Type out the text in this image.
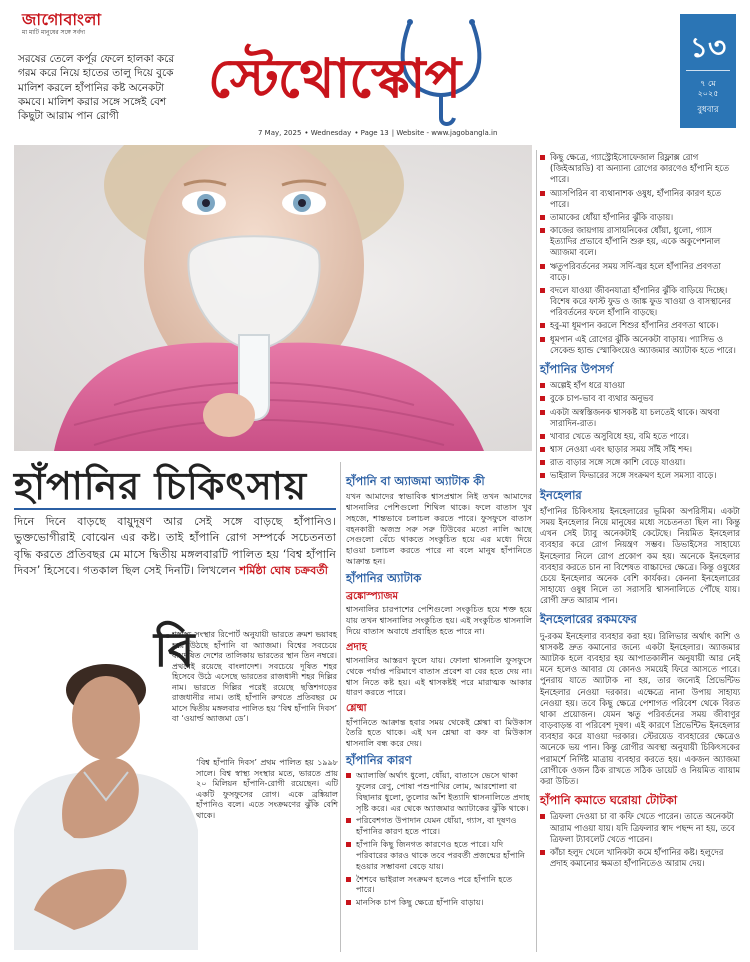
জাগোবাংলা
মা মাটি মানুষের সঙ্গে সর্বদা
সরষের তেলে কর্পূর ফেলে হালকা করে গরম করে নিয়ে হাতের তালু দিয়ে বুকে মালিশ করলে হাঁপানির কষ্ট অনেকটা কমবে। মালিশ করার সঙ্গে সঙ্গেই বেশ কিছুটা আরাম পান রোগী
স্টেথোস্কোপ
7 May, 2025 • Wednesday • Page 13 | Website - www.jagobangla.in
১৩
৭ মে
২০২৫
বুধবার
হাঁপানির চিকিৎসায়
দিনে দিনে বাড়ছে বায়ুদূষণ আর সেই সঙ্গে বাড়ছে হাঁপানিও। ভুক্তভোগীরাই বোঝেন এর কষ্ট। তাই হাঁপানি রোগ সম্পর্কে সচেতনতা বৃদ্ধি করতে প্রতিবছর মে মাসে দ্বিতীয় মঙ্গলবারটি পালিত হয় ‘বিশ্ব হাঁপানি দিবস’ হিসেবে। গতকাল ছিল সেই দিনটি। লিখলেন শর্মিষ্ঠা ঘোষ চক্রবর্তী
বি
শ্বস্বাস্থ্য সংস্থার রিপোর্ট অনুযায়ী ভারতে ক্রমশ ভয়াবহ হয়ে উঠছে হাঁপানি বা অ্যাজমা। বিশ্বের সবচেয়ে বায়ুদূষিত দেশের তালিকায় ভারতের স্থান তিন নম্বরে। প্রথমেই রয়েছে বাংলাদেশ। সবচেয়ে দূষিত শহর হিসেবে উঠে এসেছে ভারতের রাজধানী শহর দিল্লির নাম। ভারতে দিল্লির পরেই রয়েছে ছত্তিশগড়ের রাজধানীর নাম। তাই হাঁপানি রুখতে প্রতিবছর মে মাসে দ্বিতীয় মঙ্গলবার পালিত হয় ‘বিশ্ব হাঁপানি দিবস’ বা ‘ওয়ার্ল্ড অ্যাজমা ডে’।
‘বিশ্ব হাঁপানি দিবস’ প্রথম পালিত হয় ১৯৯৮ সালে। বিশ্ব স্বাস্থ্য সংস্থার মতে, ভারতে প্রায় ২০ মিলিয়ন হাঁপানি-রোগী রয়েছেন। এটি একটি ফুসফুসের রোগ। একে ব্রঙ্কিয়াল হাঁপানিও বলে। এতে সংক্রমণের ঝুঁকি বেশি থাকে।
হাঁপানি বা অ্যাজমা অ্যাটাক কী
যখন আমাদের স্বাভাবিক শ্বাসপ্রশ্বাস নিই তখন আমাদের শ্বাসনালির পেশিগুলো শিথিল থাকে। ফলে বাতাস খুব সহজে, শান্তভাবে চলাচল করতে পারে। ফুসফুসে বাতাস বহনকারী অজস্র সরু সরু টিউবের মতো নালি আছে সেগুলো বেঁচে থাকতে সংকুচিত হয়ে এর মধ্যে দিয়ে হাওয়া চলাচল করতে পারে না বলে মানুষ হাঁপানিতে আক্রান্ত হন।
হাঁপানির অ্যাটাক
ব্রঙ্কোস্প্যাজম
শ্বাসনালির চারপাশের পেশিগুলো সংকুচিত হয়ে শক্ত হয়ে যায় তখন শ্বাসনালির সংকুচিত হয়। এই সংকুচিত শ্বাসনালি দিয়ে বাতাস অবাধে প্রবাহিত হতে পারে না।
প্রদাহ
শ্বাসনালির আস্তরণ ফুলে যায়। ফোলা শ্বাসনালি ফুসফুসে থেকে পর্যাপ্ত পরিমাণে বাতাস প্রবেশ বা বের হতে দেয় না। শ্বাস নিতে কষ্ট হয়। এই শ্বাসকষ্টই পরে মারাত্মক আকার ধারণ করতে পারে।
শ্লেষ্মা
হাঁপানিতে আক্রান্ত হবার সময় থেকেই শ্লেষ্মা বা মিউকাস তৈরি হতে থাকে। এই ঘন শ্লেষ্মা বা কফ বা মিউকাস শ্বাসনালি বন্ধ করে দেয়।
হাঁপানির কারণ
অ্যালার্জি অর্থাৎ ধুলো, ধোঁয়া, বাতাসে ভেসে থাকা ফুলের রেণু, পোষা পশুপাখির লোম, আরশোলা বা বিছানার ধুলো, তুলোর আঁশ ইত্যাদি শ্বাসনালিতে প্রদাহ সৃষ্টি করে। এর থেকে অ্যাজমার অ্যাটাকের ঝুঁকি থাকে।
পরিবেশগত উপাদান যেমন ধোঁয়া, গ্যাস, বা দূষণও হাঁপানির কারণ হতে পারে।
হাঁপানি কিছু জিনগত কারণেও হতে পারে। যদি পরিবারের কারও থাকে তবে পরবর্তী প্রজন্মের হাঁপানি হওয়ার সম্ভাবনা বেড়ে যায়।
শৈশবে ভাইরাল সংক্রমণ হলেও পরে হাঁপানি হতে পারে।
মানসিক চাপ কিছু ক্ষেত্রে হাঁপানি বাড়ায়।
কিছু ক্ষেত্রে, গ্যাস্ট্রোইসোফেজাল রিফ্লাক্স রোগ (জিইআরডি) বা অন্যান্য রোগের কারণেও হাঁপানি হতে পারে।
অ্যাসপিরিন বা ব্যথানাশক ওষুধ, হাঁপানির কারণ হতে পারে।
তামাকের ধোঁয়া হাঁপানির ঝুঁকি বাড়ায়।
কাজের জায়গায় রাসায়নিকের ধোঁয়া, ধুলো, গ্যাস ইত্যাদির প্রভাবে হাঁপানি শুরু হয়, একে অকুপেশনাল অ্যাজমা বলে।
ঋতুপরিবর্তনের সময় সর্দি-জ্বর হলে হাঁপানির প্রবণতা বাড়ে।
বদলে যাওয়া জীবনযাত্রা হাঁপানির ঝুঁকি বাড়িয়ে দিচ্ছে। বিশেষ করে ফাস্ট ফুড ও জাঙ্ক ফুড খাওয়া ও বাসস্থানের পরিবর্তনের ফলে হাঁপানি বাড়ছে।
হবু-মা ধূমপান করলে শিশুর হাঁপানির প্রবণতা থাকে।
ধূমপান এই রোগের ঝুঁকি অনেকটা বাড়ায়। প্যাসিভ ও সেকেন্ড হ্যান্ড স্মোকিংয়েও অ্যাজমার অ্যাটাক হতে পারে।
হাঁপানির উপসর্গ
অল্পেই হাঁপ ধরে যাওয়া
বুকে চাপ-ভাব বা ব্যথার অনুভব
একটা অস্বস্তিজনক শ্বাসকষ্ট যা চলতেই থাকে। অথবা সারাদিন-রাত।
খাবার খেতে অসুবিধে হয়, বমি হতে পারে।
শ্বাস নেওয়া এবং ছাড়ার সময় সাঁই সাঁই শব্দ।
রাত বাড়ার সঙ্গে সঙ্গে কাশি বেড়ে যাওয়া।
ভাইরাল ফিভারের সঙ্গে সংক্রমণ হলে সমস্যা বাড়ে।
ইনহেলার
হাঁপানির চিকিৎসায় ইনহেলারের ভূমিকা অপরিসীম। একটা সময় ইনহেলার নিয়ে মানুষের মধ্যে সচেতনতা ছিল না। কিন্তু এখন সেই ট্যাবু অনেকটাই কেটেছে। নিয়মিত ইনহেলার ব্যবহার করে রোগ নিয়ন্ত্রণ সম্ভব। ডিভাইসের সাহায্যে ইনহেলার নিলে রোগ প্রকোপ কম হয়। অনেকে ইনহেলার ব্যবহার করতে চান না বিশেষত বাচ্চাদের ক্ষেত্রে। কিন্তু ওষুধের চেয়ে ইনহেলার অনেক বেশি কার্যকর। কেননা ইনহেলারের সাহায্যে ওষুধ নিলে তা সরাসরি শ্বাসনালিতে পৌঁছে যায়। রোগী দ্রুত আরাম পান।
ইনহেলারের রকমফের
দু-রকম ইনহেলার ব্যবহার করা হয়। রিলিভার অর্থাৎ কাশি ও শ্বাসকষ্ট দ্রুত কমানোর জন্যে একটা ইনহেলার। অ্যাজমার অ্যাটাক হলে ব্যবহার হয় আপাতকালীন অনুযায়ী আর নেই মনে হলেও আবার যে কোনও সময়েই ফিরে আসতে পারে। পুনরায় যাতে অ্যাটাক না হয়, তার জন্যেই প্রিভেন্টিভ ইনহেলার নেওয়া দরকার। এক্ষেত্রে নানা উপায় সাহায্য নেওয়া হয়। তবে কিছু ক্ষেত্রে পেশাগত পরিবেশ থেকে বিরত থাকা প্রয়োজন। যেমন ঋতু পরিবর্তনের সময় জীবাণুর বাড়বাড়ন্ত বা পরিবেশ দূষণ। এই কারণে প্রিভেন্টিভ ইনহেলার ব্যবহার করে যাওয়া দরকার। স্টেরয়েড ব্যবহারের ক্ষেত্রেও অনেকে ভয় পান। কিন্তু রোগীর অবস্থা অনুযায়ী চিকিৎসকের পরামর্শে নির্দিষ্ট মাত্রায় ব্যবহার করতে হয়। একজন অ্যাজমা রোগীকে ওজন ঠিক রাখতে সঠিক ডায়েট ও নিয়মিত ব্যায়াম করা উচিত।
হাঁপানি কমাতে ঘরোয়া টোটকা
ত্রিফলা দেওয়া চা বা কফি খেতে পারেন। তাতে অনেকটা আরাম পাওয়া যায়। যদি ত্রিফলার স্বাদ পছন্দ না হয়, তবে ত্রিফলা ট্যাবলেট খেতে পারেন।
কাঁচা হলুদ খেলে খানিকটা কমে হাঁপানির কষ্ট। হলুদের প্রদাহ কমানোর ক্ষমতা হাঁপানিতেও আরাম দেয়।
